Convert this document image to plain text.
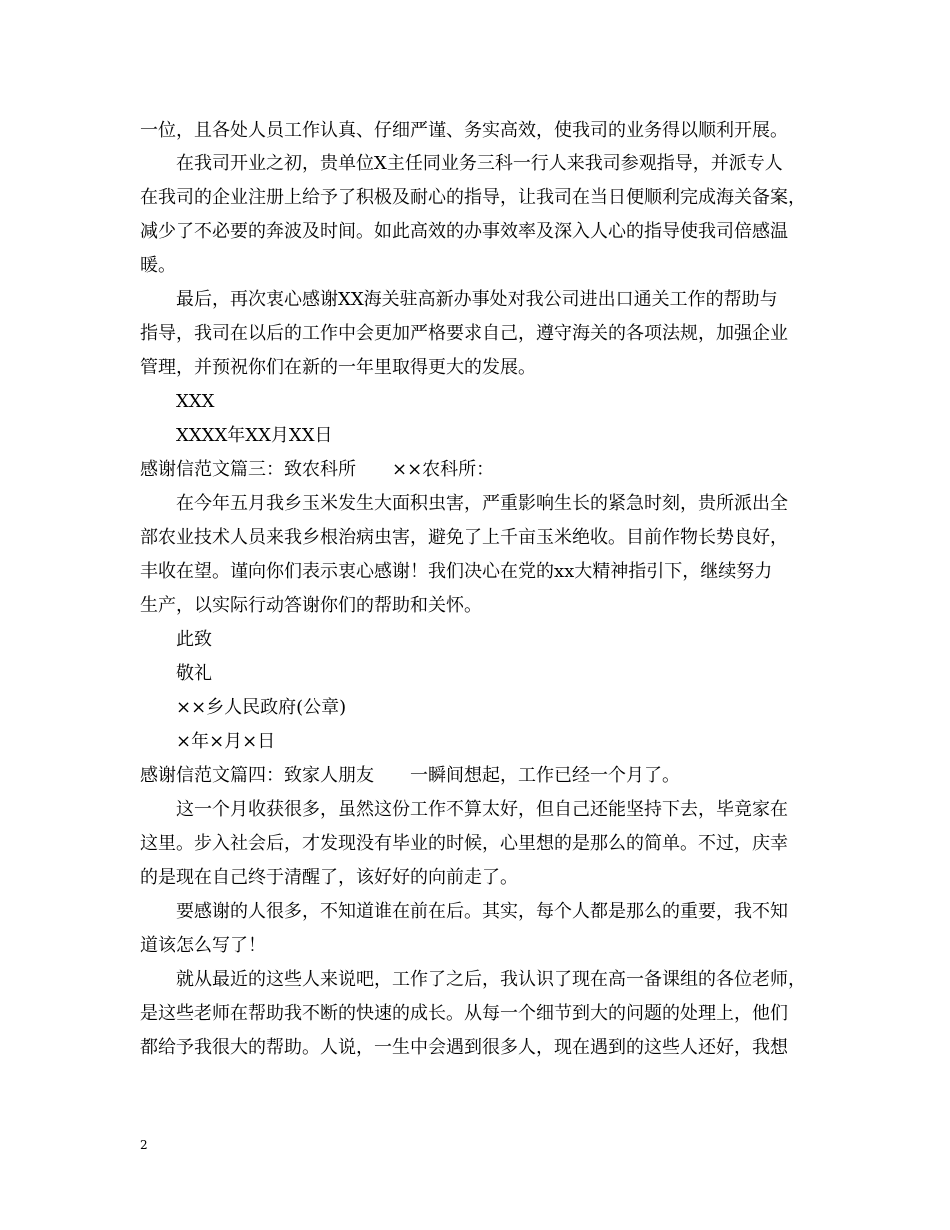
一位，且各处人员工作认真、仔细严谨、务实高效，使我司的业务得以顺利开展。
在我司开业之初，贵单位X主任同业务三科一行人来我司参观指导，并派专人
在我司的企业注册上给予了积极及耐心的指导，让我司在当日便顺利完成海关备案，
减少了不必要的奔波及时间。如此高效的办事效率及深入人心的指导使我司倍感温
暖。
最后，再次衷心感谢XX海关驻高新办事处对我公司进出口通关工作的帮助与
指导，我司在以后的工作中会更加严格要求自己，遵守海关的各项法规，加强企业
管理，并预祝你们在新的一年里取得更大的发展。
XXX
XXXX年XX月XX日
感谢信范文篇三：致农科所　　××农科所：
在今年五月我乡玉米发生大面积虫害，严重影响生长的紧急时刻，贵所派出全
部农业技术人员来我乡根治病虫害，避免了上千亩玉米绝收。目前作物长势良好，
丰收在望。谨向你们表示衷心感谢！我们决心在党的xx大精神指引下，继续努力
生产，以实际行动答谢你们的帮助和关怀。
此致
敬礼
××乡人民政府(公章)
×年×月×日
感谢信范文篇四：致家人朋友　　一瞬间想起，工作已经一个月了。
这一个月收获很多，虽然这份工作不算太好，但自己还能坚持下去，毕竟家在
这里。步入社会后，才发现没有毕业的时候，心里想的是那么的简单。不过，庆幸
的是现在自己终于清醒了，该好好的向前走了。
要感谢的人很多，不知道谁在前在后。其实，每个人都是那么的重要，我不知
道该怎么写了！
就从最近的这些人来说吧，工作了之后，我认识了现在高一备课组的各位老师，
是这些老师在帮助我不断的快速的成长。从每一个细节到大的问题的处理上，他们
都给予我很大的帮助。人说，一生中会遇到很多人，现在遇到的这些人还好，我想
2
